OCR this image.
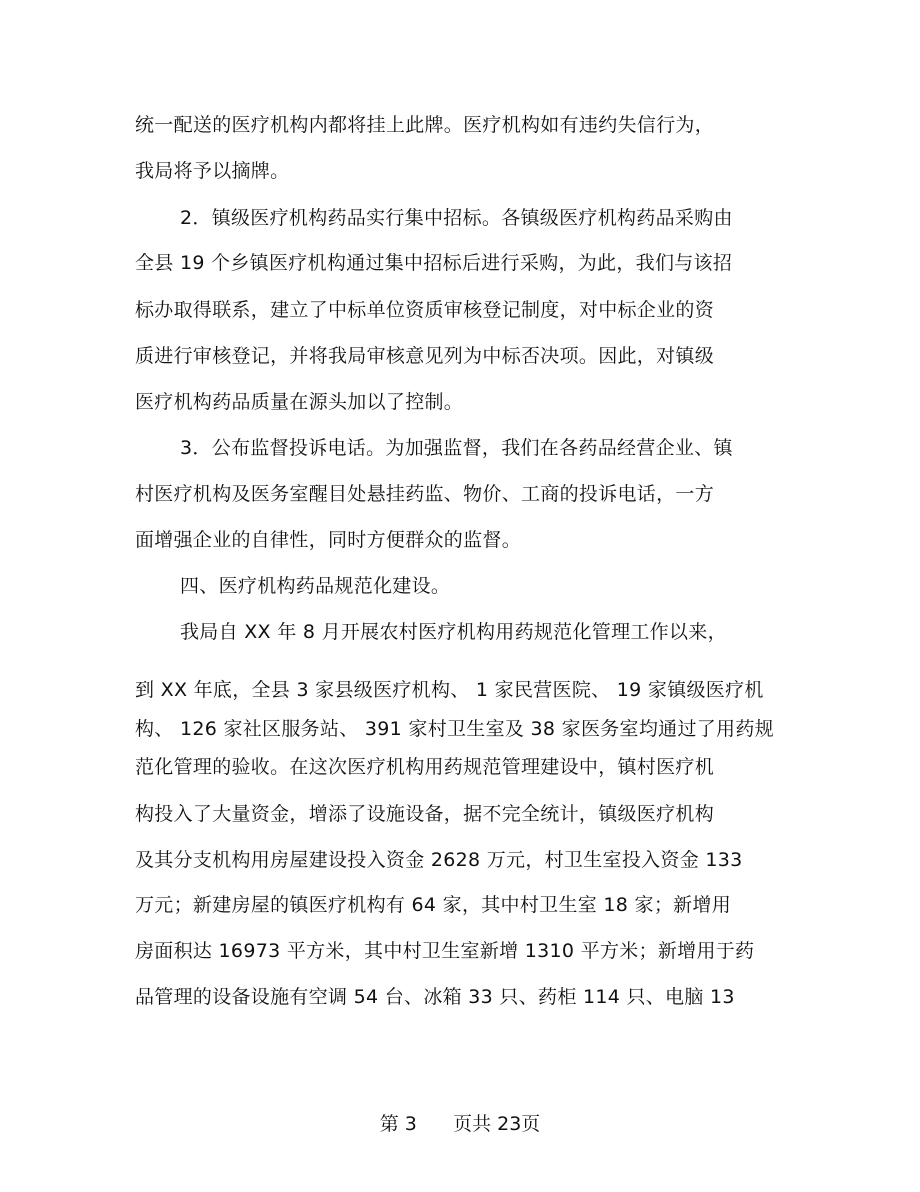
统一配送的医疗机构内都将挂上此牌。医疗机构如有违约失信行为，
我局将予以摘牌。
2．镇级医疗机构药品实行集中招标。各镇级医疗机构药品采购由
全县 19 个乡镇医疗机构通过集中招标后进行采购，为此，我们与该招
标办取得联系，建立了中标单位资质审核登记制度，对中标企业的资
质进行审核登记，并将我局审核意见列为中标否决项。因此，对镇级
医疗机构药品质量在源头加以了控制。
3．公布监督投诉电话。为加强监督，我们在各药品经营企业、镇
村医疗机构及医务室醒目处悬挂药监、物价、工商的投诉电话，一方
面增强企业的自律性，同时方便群众的监督。
四、医疗机构药品规范化建设。
我局自 XX 年 8 月开展农村医疗机构用药规范化管理工作以来，
到 XX 年底，全县 3 家县级医疗机构、 1 家民营医院、 19 家镇级医疗机
构、 126 家社区服务站、 391 家村卫生室及 38 家医务室均通过了用药规
范化管理的验收。在这次医疗机构用药规范管理建设中，镇村医疗机
构投入了大量资金，增添了设施设备，据不完全统计，镇级医疗机构
及其分支机构用房屋建设投入资金 2628 万元，村卫生室投入资金 133
万元；新建房屋的镇医疗机构有 64 家，其中村卫生室 18 家；新增用
房面积达 16973 平方米，其中村卫生室新增 1310 平方米；新增用于药
品管理的设备设施有空调 54 台、冰箱 33 只、药柜 114 只、电脑 13
第 3      页共 23页
